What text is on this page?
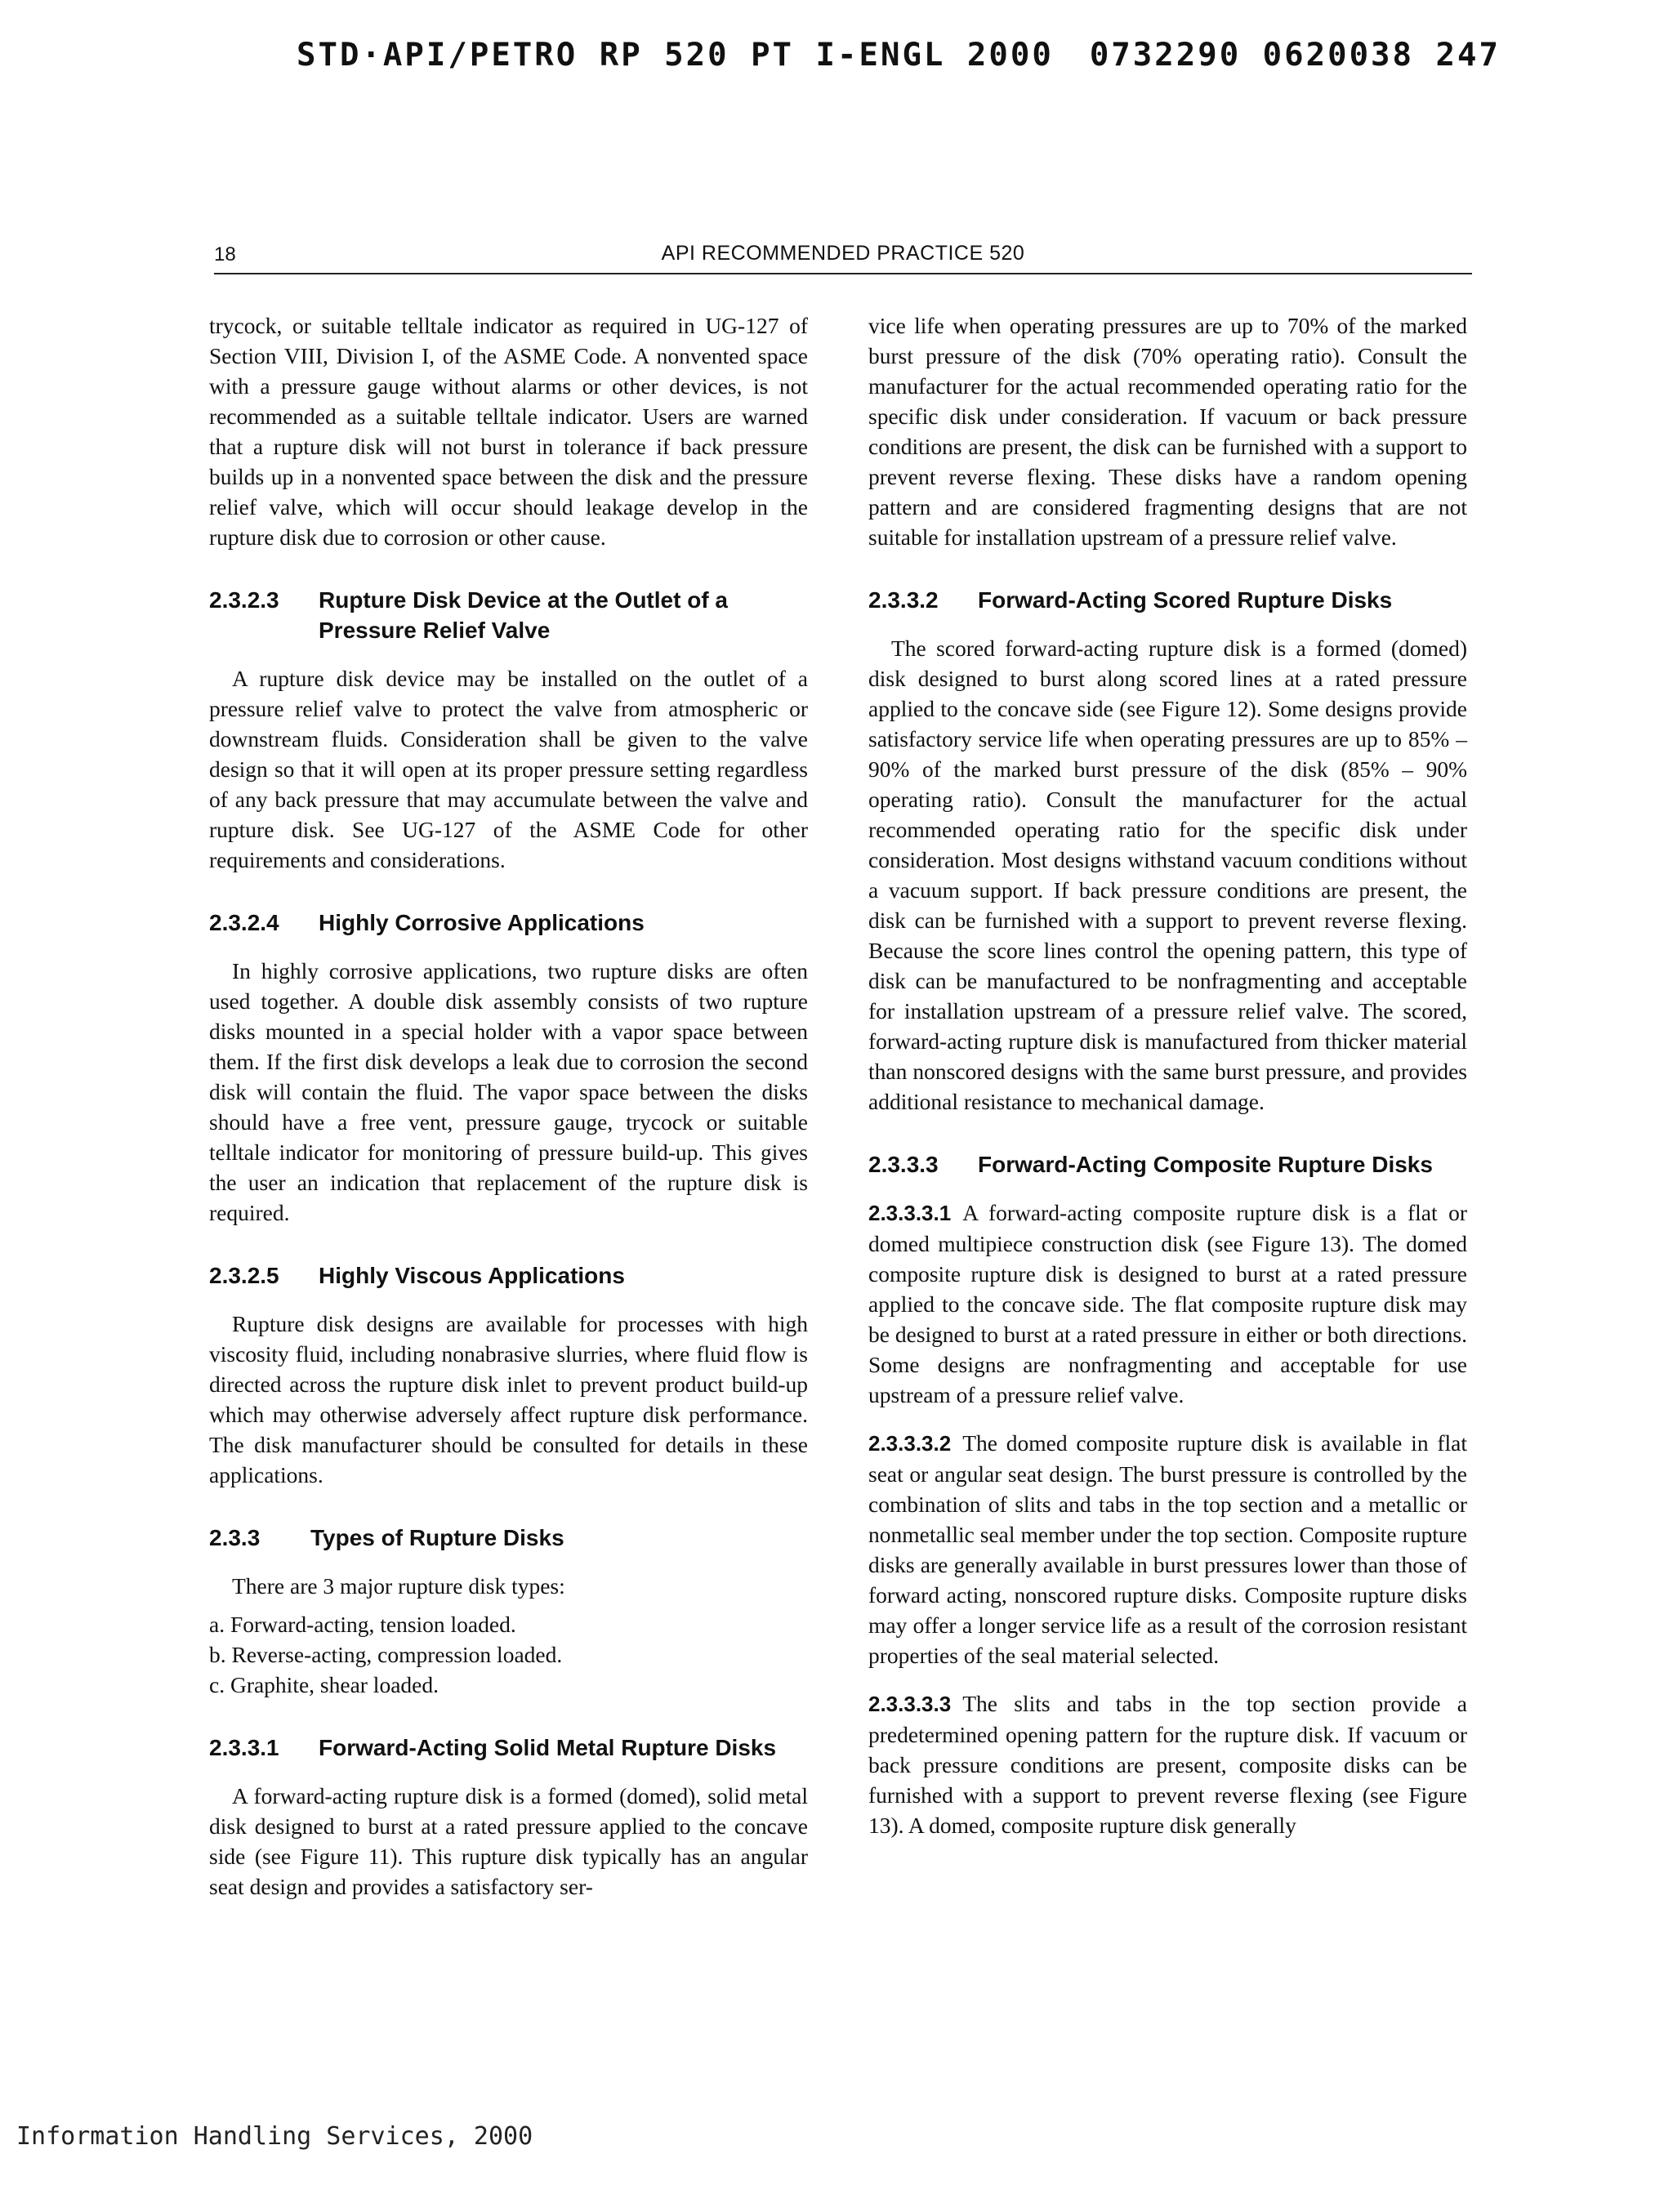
STD·API/PETRO RP 520 PT I-ENGL 2000 0732290 0620038 247
18	API RECOMMENDED PRACTICE 520

trycock, or suitable telltale indicator as required in UG-127 of Section VIII, Division I, of the ASME Code. A nonvented space with a pressure gauge without alarms or other devices, is not recommended as a suitable telltale indicator. Users are warned that a rupture disk will not burst in tolerance if back pressure builds up in a nonvented space between the disk and the pressure relief valve, which will occur should leakage develop in the rupture disk due to corrosion or other cause.

2.3.2.3	Rupture Disk Device at the Outlet of a Pressure Relief Valve

A rupture disk device may be installed on the outlet of a pressure relief valve to protect the valve from atmospheric or downstream fluids. Consideration shall be given to the valve design so that it will open at its proper pressure setting regardless of any back pressure that may accumulate between the valve and rupture disk. See UG-127 of the ASME Code for other requirements and considerations.

2.3.2.4	Highly Corrosive Applications

In highly corrosive applications, two rupture disks are often used together. A double disk assembly consists of two rupture disks mounted in a special holder with a vapor space between them. If the first disk develops a leak due to corrosion the second disk will contain the fluid. The vapor space between the disks should have a free vent, pressure gauge, trycock or suitable telltale indicator for monitoring of pressure build-up. This gives the user an indication that replacement of the rupture disk is required.

2.3.2.5	Highly Viscous Applications

Rupture disk designs are available for processes with high viscosity fluid, including nonabrasive slurries, where fluid flow is directed across the rupture disk inlet to prevent product build-up which may otherwise adversely affect rupture disk performance. The disk manufacturer should be consulted for details in these applications.

2.3.3	Types of Rupture Disks

There are 3 major rupture disk types:

a. Forward-acting, tension loaded.
b. Reverse-acting, compression loaded.
c. Graphite, shear loaded.
2.3.3.1	Forward-Acting Solid Metal Rupture Disks

A forward-acting rupture disk is a formed (domed), solid metal disk designed to burst at a rated pressure applied to the concave side (see Figure 11). This rupture disk typically has an angular seat design and provides a satisfactory ser-

vice life when operating pressures are up to 70% of the marked burst pressure of the disk (70% operating ratio). Consult the manufacturer for the actual recommended operating ratio for the specific disk under consideration. If vacuum or back pressure conditions are present, the disk can be furnished with a support to prevent reverse flexing. These disks have a random opening pattern and are considered fragmenting designs that are not suitable for installation upstream of a pressure relief valve.

2.3.3.2	Forward-Acting Scored Rupture Disks

The scored forward-acting rupture disk is a formed (domed) disk designed to burst along scored lines at a rated pressure applied to the concave side (see Figure 12). Some designs provide satisfactory service life when operating pressures are up to 85% – 90% of the marked burst pressure of the disk (85% – 90% operating ratio). Consult the manufacturer for the actual recommended operating ratio for the specific disk under consideration. Most designs withstand vacuum conditions without a vacuum support. If back pressure conditions are present, the disk can be furnished with a support to prevent reverse flexing. Because the score lines control the opening pattern, this type of disk can be manufactured to be nonfragmenting and acceptable for installation upstream of a pressure relief valve. The scored, forward-acting rupture disk is manufactured from thicker material than nonscored designs with the same burst pressure, and provides additional resistance to mechanical damage.

2.3.3.3	Forward-Acting Composite Rupture Disks

2.3.3.3.1 A forward-acting composite rupture disk is a flat or domed multipiece construction disk (see Figure 13). The domed composite rupture disk is designed to burst at a rated pressure applied to the concave side. The flat composite rupture disk may be designed to burst at a rated pressure in either or both directions. Some designs are nonfragmenting and acceptable for use upstream of a pressure relief valve.

2.3.3.3.2 The domed composite rupture disk is available in flat seat or angular seat design. The burst pressure is controlled by the combination of slits and tabs in the top section and a metallic or nonmetallic seal member under the top section. Composite rupture disks are generally available in burst pressures lower than those of forward acting, nonscored rupture disks. Composite rupture disks may offer a longer service life as a result of the corrosion resistant properties of the seal material selected.

2.3.3.3.3 The slits and tabs in the top section provide a predetermined opening pattern for the rupture disk. If vacuum or back pressure conditions are present, composite disks can be furnished with a support to prevent reverse flexing (see Figure 13). A domed, composite rupture disk generally

Information Handling Services, 2000
